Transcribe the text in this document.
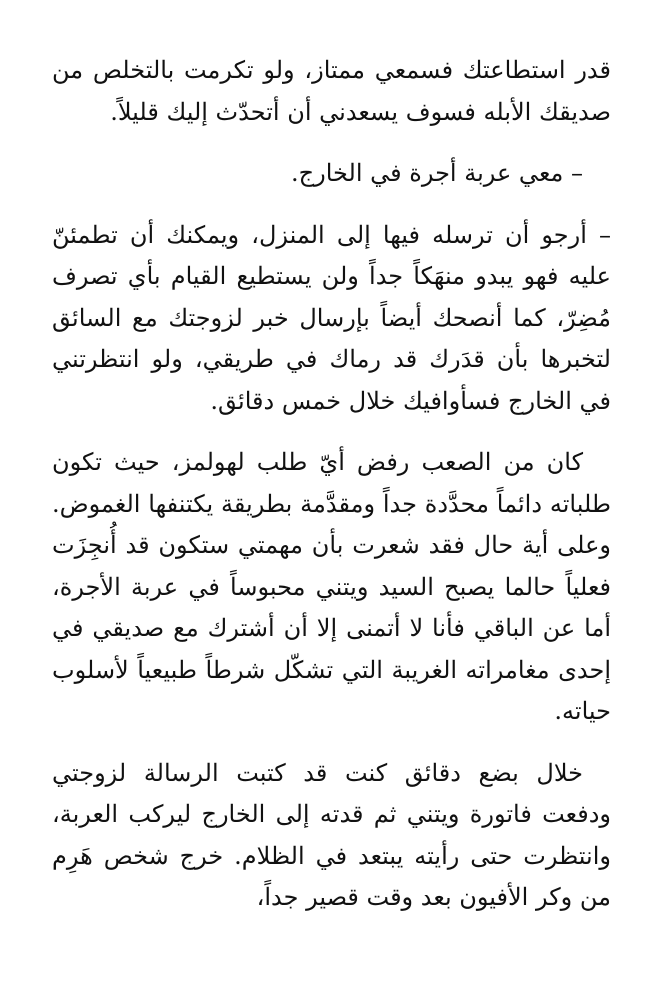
قدر استطاعتك فسمعي ممتاز، ولو تكرمت بالتخلص من صديقك الأبله فسوف يسعدني أن أتحدّث إليك قليلاً.

– معي عربة أجرة في الخارج.

– أرجو أن ترسله فيها إلى المنزل، ويمكنك أن تطمئنّ عليه فهو يبدو منهَكاً جداً ولن يستطيع القيام بأي تصرف مُضِرّ، كما أنصحك أيضاً بإرسال خبر لزوجتك مع السائق لتخبرها بأن قدَرك قد رماك في طريقي، ولو انتظرتني في الخارج فسأوافيك خلال خمس دقائق.

كان من الصعب رفض أيّ طلب لهولمز، حيث تكون طلباته دائماً محدَّدة جداً ومقدَّمة بطريقة يكتنفها الغموض. وعلى أية حال فقد شعرت بأن مهمتي ستكون قد أُنجِزَت فعلياً حالما يصبح السيد ويتني محبوساً في عربة الأجرة، أما عن الباقي فأنا لا أتمنى إلا أن أشترك مع صديقي في إحدى مغامراته الغريبة التي تشكّل شرطاً طبيعياً لأسلوب حياته.

خلال بضع دقائق كنت قد كتبت الرسالة لزوجتي ودفعت فاتورة ويتني ثم قدته إلى الخارج ليركب العربة، وانتظرت حتى رأيته يبتعد في الظلام. خرج شخص هَرِم من وكر الأفيون بعد وقت قصير جداً،
